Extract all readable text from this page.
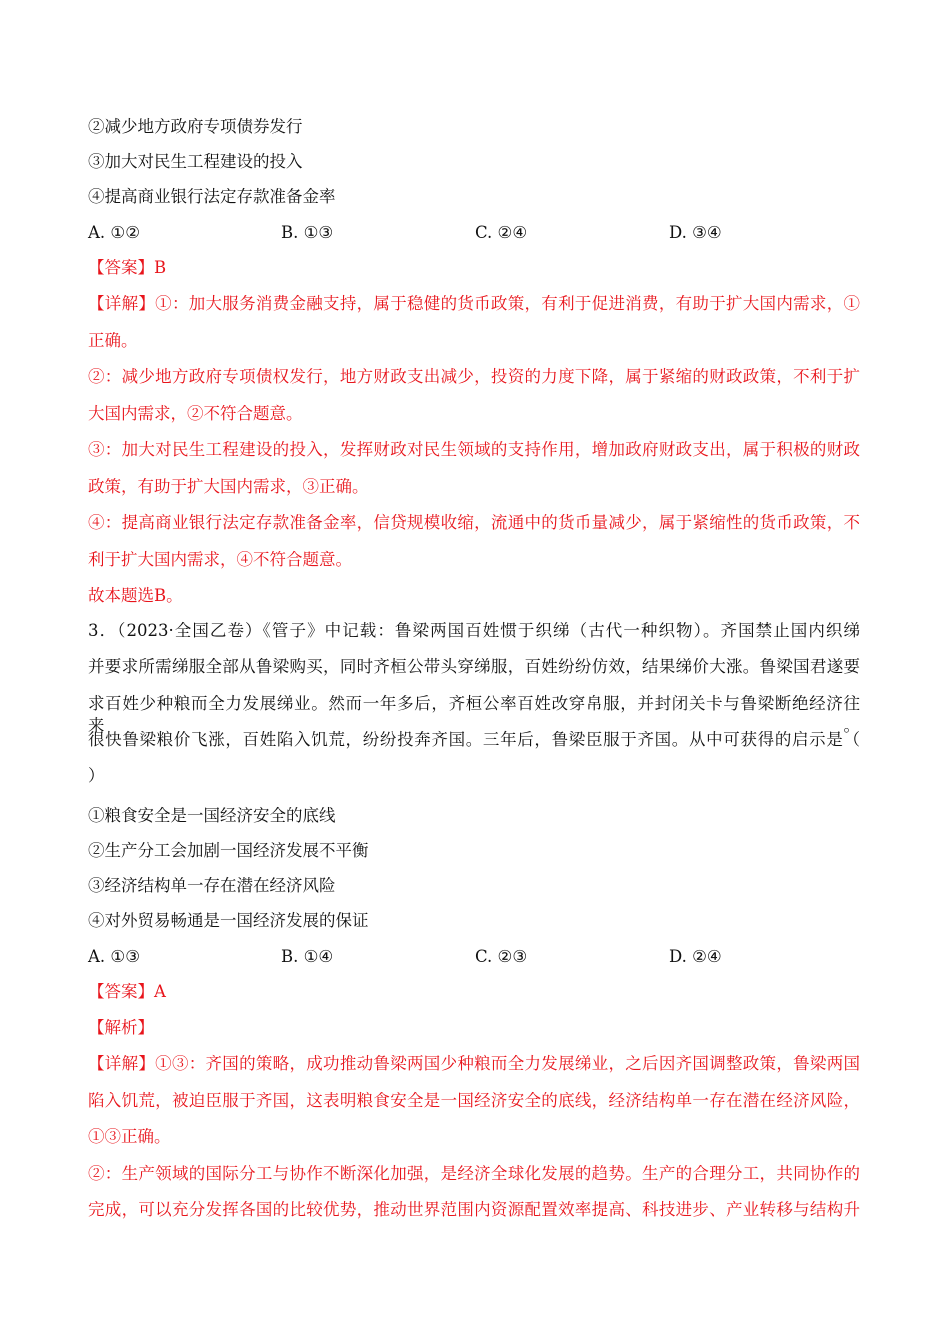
②减少地方政府专项债券发行
③加大对民生工程建设的投入
④提高商业银行法定存款准备金率
A. ①②	B. ①③	C. ②④	D. ③④
【答案】B
【详解】①：加大服务消费金融支持，属于稳健的货币政策，有利于促进消费，有助于扩大国内需求，①
正确。
②：减少地方政府专项债权发行，地方财政支出减少，投资的力度下降，属于紧缩的财政政策，不利于扩
大国内需求，②不符合题意。
③：加大对民生工程建设的投入，发挥财政对民生领域的支持作用，增加政府财政支出，属于积极的财政
政策，有助于扩大国内需求，③正确。
④：提高商业银行法定存款准备金率，信贷规模收缩，流通中的货币量减少，属于紧缩性的货币政策，不
利于扩大国内需求，④不符合题意。
故本题选B。
3．（2023·全国乙卷）《管子》中记载：鲁梁两国百姓惯于织绨（古代一种织物）。齐国禁止国内织绨
并要求所需绨服全部从鲁梁购买，同时齐桓公带头穿绨服，百姓纷纷仿效，结果绨价大涨。鲁梁国君遂要
求百姓少种粮而全力发展绨业。然而一年多后，齐桓公率百姓改穿帛服，并封闭关卡与鲁梁断绝经济往来。
很快鲁梁粮价飞涨，百姓陷入饥荒，纷纷投奔齐国。三年后，鲁梁臣服于齐国。从中可获得的启示是（
）
①粮食安全是一国经济安全的底线
②生产分工会加剧一国经济发展不平衡
③经济结构单一存在潜在经济风险
④对外贸易畅通是一国经济发展的保证
A. ①③	B. ①④	C. ②③	D. ②④
【答案】A
【解析】
【详解】①③：齐国的策略，成功推动鲁梁两国少种粮而全力发展绨业，之后因齐国调整政策，鲁梁两国
陷入饥荒，被迫臣服于齐国，这表明粮食安全是一国经济安全的底线，经济结构单一存在潜在经济风险，
①③正确。
②：生产领域的国际分工与协作不断深化加强，是经济全球化发展的趋势。生产的合理分工，共同协作的
完成，可以充分发挥各国的比较优势，推动世界范围内资源配置效率提高、科技进步、产业转移与结构升
